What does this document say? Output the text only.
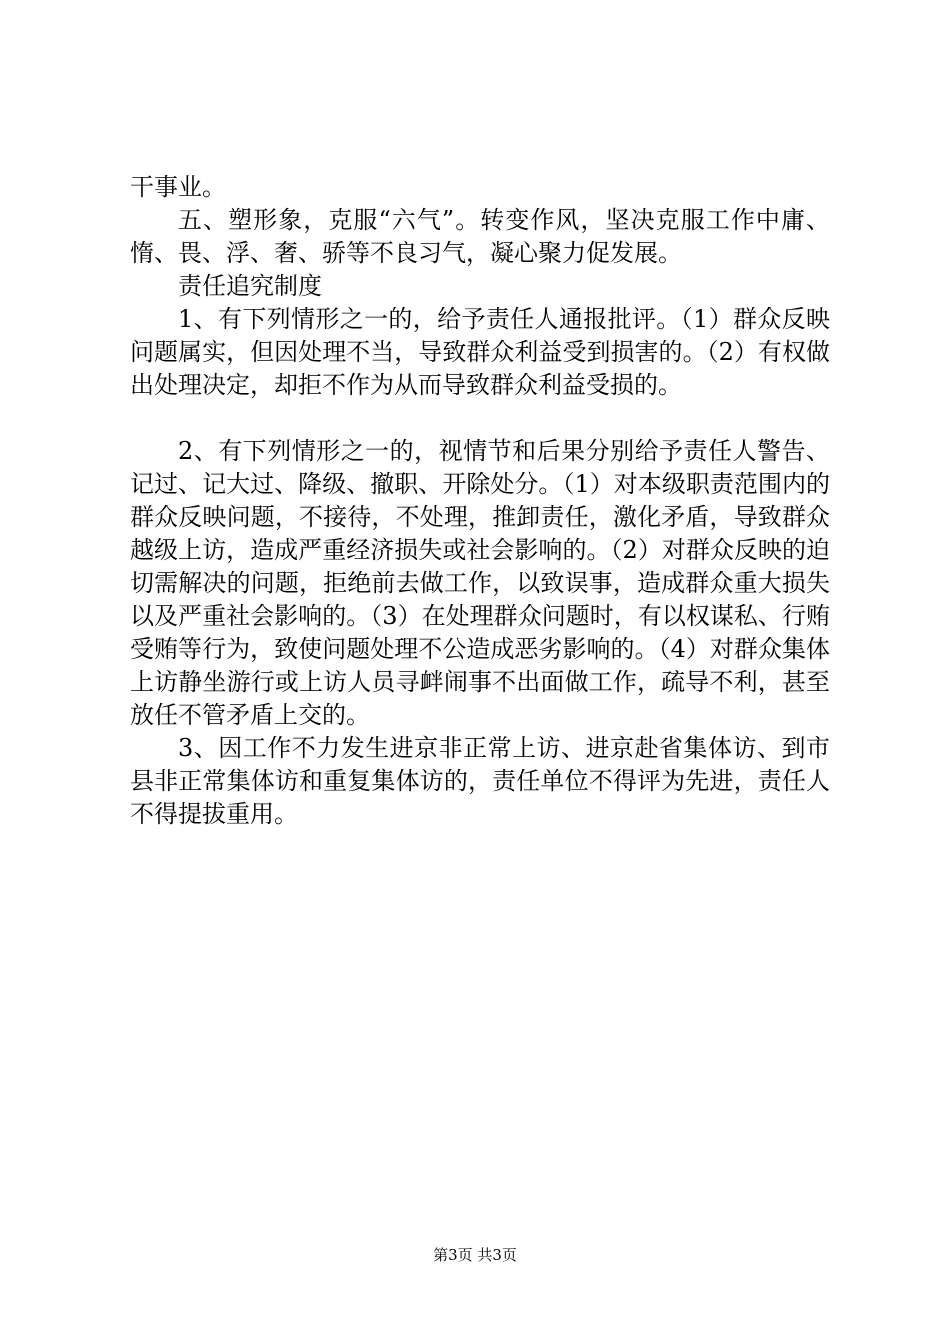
干事业。

五、塑形象，克服“六气”。转变作风，坚决克服工作中庸、惰、畏、浮、奢、骄等不良习气，凝心聚力促发展。

责任追究制度

1、有下列情形之一的，给予责任人通报批评。（1）群众反映问题属实，但因处理不当，导致群众利益受到损害的。（2）有权做出处理决定，却拒不作为从而导致群众利益受损的。

2、有下列情形之一的，视情节和后果分别给予责任人警告、记过、记大过、降级、撤职、开除处分。（1）对本级职责范围内的群众反映问题，不接待，不处理，推卸责任，激化矛盾，导致群众越级上访，造成严重经济损失或社会影响的。（2）对群众反映的迫切需解决的问题，拒绝前去做工作，以致误事，造成群众重大损失以及严重社会影响的。（3）在处理群众问题时，有以权谋私、行贿受贿等行为，致使问题处理不公造成恶劣影响的。（4）对群众集体上访静坐游行或上访人员寻衅闹事不出面做工作，疏导不利，甚至放任不管矛盾上交的。

3、因工作不力发生进京非正常上访、进京赴省集体访、到市县非正常集体访和重复集体访的，责任单位不得评为先进，责任人不得提拔重用。

第3页 共3页
